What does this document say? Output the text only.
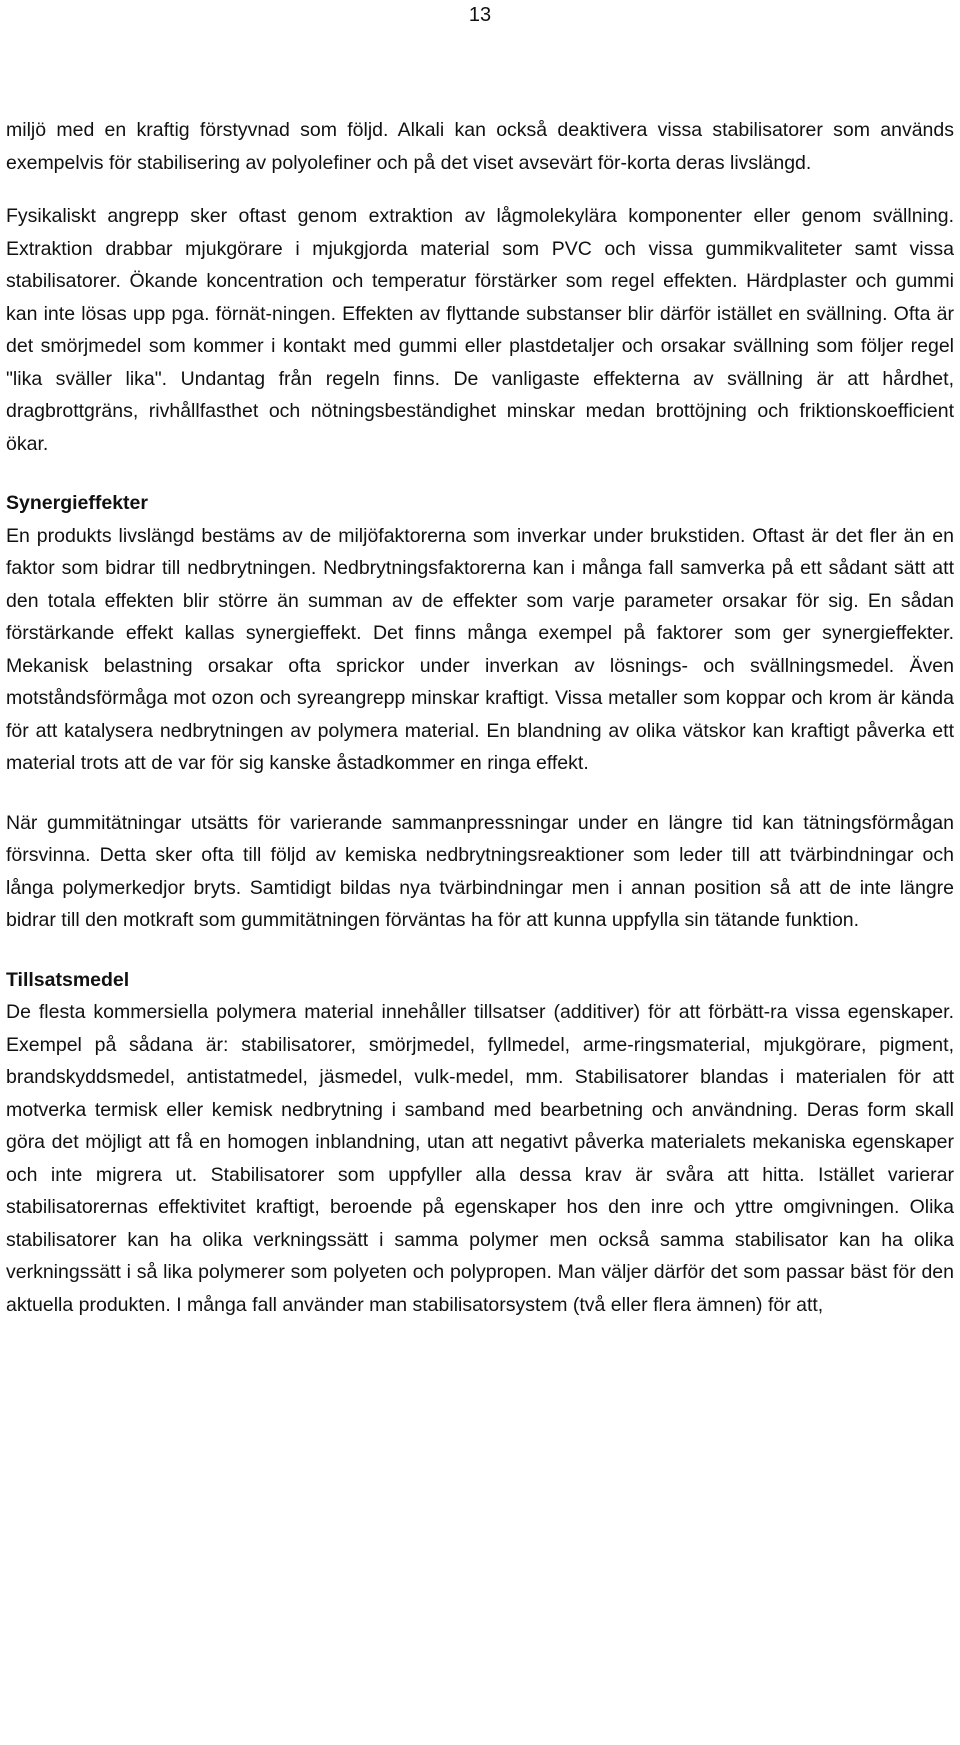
13

miljö med en kraftig förstyvnad som följd. Alkali kan också deaktivera vissa stabilisatorer som används exempelvis för stabilisering av polyolefiner och på det viset avsevärt för-korta deras livslängd.

Fysikaliskt angrepp sker oftast genom extraktion av lågmolekylära komponenter eller genom svällning. Extraktion drabbar mjukgörare i mjukgjorda material som PVC och vissa gummikvaliteter samt vissa stabilisatorer. Ökande koncentration och temperatur förstärker som regel effekten. Härdplaster och gummi kan inte lösas upp pga. förnät-ningen. Effekten av flyttande substanser blir därför istället en svällning. Ofta är det smörjmedel som kommer i kontakt med gummi eller plastdetaljer och orsakar svällning som följer regel "lika sväller lika". Undantag från regeln finns. De vanligaste effekterna av svällning är att hårdhet, dragbrottgräns, rivhållfasthet och nötningsbeständighet minskar medan brottöjning och friktionskoefficient ökar.

Synergieffekter

En produkts livslängd bestäms av de miljöfaktorerna som inverkar under brukstiden. Oftast är det fler än en faktor som bidrar till nedbrytningen. Nedbrytningsfaktorerna kan i många fall samverka på ett sådant sätt att den totala effekten blir större än summan av de effekter som varje parameter orsakar för sig. En sådan förstärkande effekt kallas synergieffekt. Det finns många exempel på faktorer som ger synergieffekter. Mekanisk belastning orsakar ofta sprickor under inverkan av lösnings- och svällningsmedel. Även motståndsförmåga mot ozon och syreangrepp minskar kraftigt. Vissa metaller som koppar och krom är kända för att katalysera nedbrytningen av polymera material. En blandning av olika vätskor kan kraftigt påverka ett material trots att de var för sig kanske åstadkommer en ringa effekt.

När gummitätningar utsätts för varierande sammanpressningar under en längre tid kan tätningsförmågan försvinna. Detta sker ofta till följd av kemiska nedbrytningsreaktioner som leder till att tvärbindningar och långa polymerkedjor bryts. Samtidigt bildas nya tvärbindningar men i annan position så att de inte längre bidrar till den motkraft som gummitätningen förväntas ha för att kunna uppfylla sin tätande funktion.

Tillsatsmedel

De flesta kommersiella polymera material innehåller tillsatser (additiver) för att förbätt-ra vissa egenskaper. Exempel på sådana är: stabilisatorer, smörjmedel, fyllmedel, arme-ringsmaterial, mjukgörare, pigment, brandskyddsmedel, antistatmedel, jäsmedel, vulk-medel, mm. Stabilisatorer blandas i materialen för att motverka termisk eller kemisk nedbrytning i samband med bearbetning och användning. Deras form skall göra det möjligt att få en homogen inblandning, utan att negativt påverka materialets mekaniska egenskaper och inte migrera ut. Stabilisatorer som uppfyller alla dessa krav är svåra att hitta. Istället varierar stabilisatorernas effektivitet kraftigt, beroende på egenskaper hos den inre och yttre omgivningen. Olika stabilisatorer kan ha olika verkningssätt i samma polymer men också samma stabilisator kan ha olika verkningssätt i så lika polymerer som polyeten och polypropen. Man väljer därför det som passar bäst för den aktuella produkten. I många fall använder man stabilisatorsystem (två eller flera ämnen) för att,
